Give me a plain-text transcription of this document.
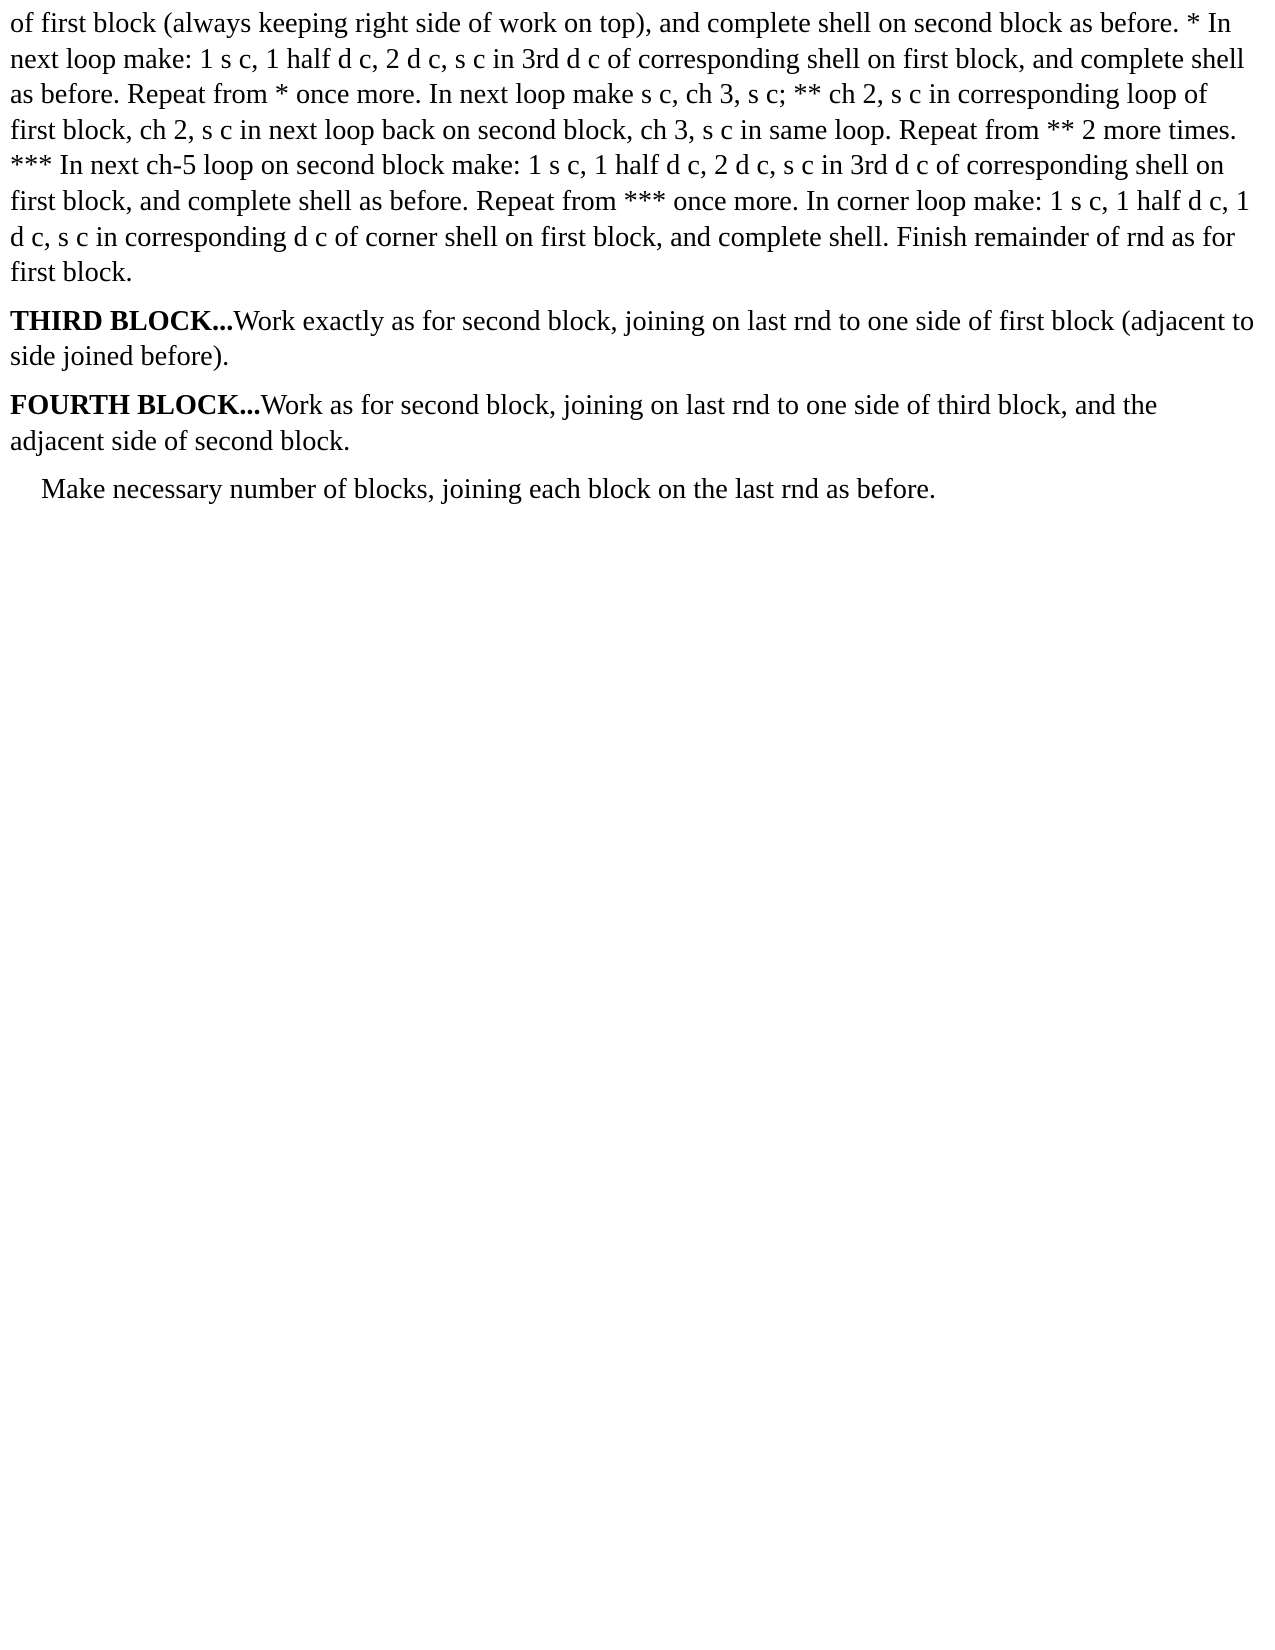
of first block (always keeping right side of work on top), and complete shell on second block as before. * In next loop make: 1 s c, 1 half d c, 2 d c, s c in 3rd d c of corresponding shell on first block, and complete shell as before. Repeat from * once more. In next loop make s c, ch 3, s c; ** ch 2, s c in corresponding loop of first block, ch 2, s c in next loop back on second block, ch 3, s c in same loop. Repeat from ** 2 more times. *** In next ch-5 loop on second block make: 1 s c, 1 half d c, 2 d c, s c in 3rd d c of corresponding shell on first block, and complete shell as before. Repeat from *** once more. In corner loop make: 1 s c, 1 half d c, 1 d c, s c in corresponding d c of corner shell on first block, and complete shell. Finish remainder of rnd as for first block.

THIRD BLOCK...Work exactly as for second block, joining on last rnd to one side of first block (adjacent to side joined before).

FOURTH BLOCK...Work as for second block, joining on last rnd to one side of third block, and the adjacent side of second block.

Make necessary number of blocks, joining each block on the last rnd as before.
